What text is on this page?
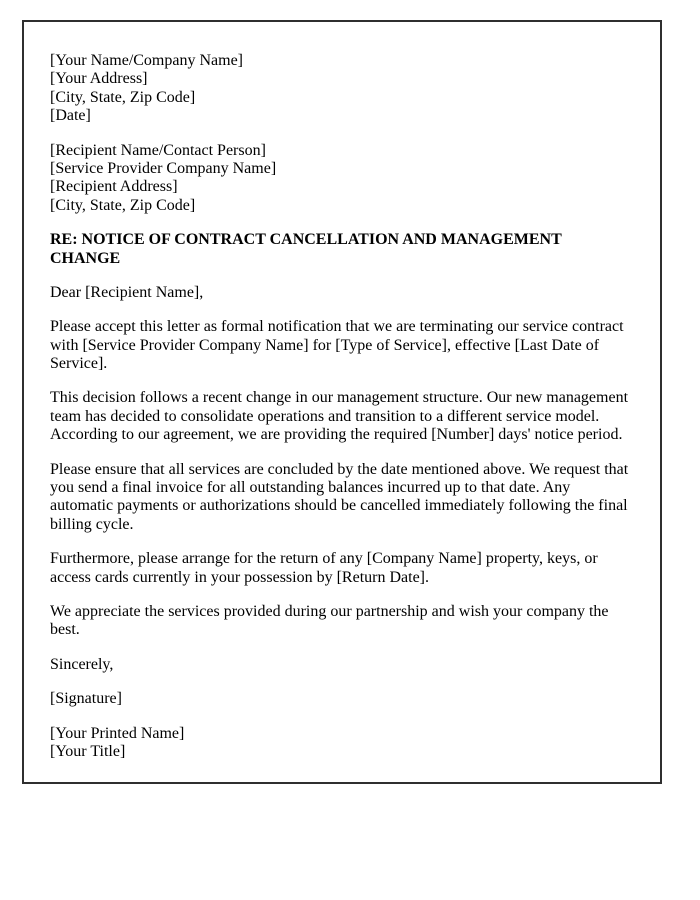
[Your Name/Company Name]
[Your Address]
[City, State, Zip Code]
[Date]
[Recipient Name/Contact Person]
[Service Provider Company Name]
[Recipient Address]
[City, State, Zip Code]

RE: NOTICE OF CONTRACT CANCELLATION AND MANAGEMENT CHANGE

Dear [Recipient Name],

Please accept this letter as formal notification that we are terminating our service contract with [Service Provider Company Name] for [Type of Service], effective [Last Date of Service].

This decision follows a recent change in our management structure. Our new management team has decided to consolidate operations and transition to a different service model. According to our agreement, we are providing the required [Number] days' notice period.

Please ensure that all services are concluded by the date mentioned above. We request that you send a final invoice for all outstanding balances incurred up to that date. Any automatic payments or authorizations should be cancelled immediately following the final billing cycle.

Furthermore, please arrange for the return of any [Company Name] property, keys, or access cards currently in your possession by [Return Date].

We appreciate the services provided during our partnership and wish your company the best.

Sincerely,

[Signature]

[Your Printed Name]
[Your Title]
